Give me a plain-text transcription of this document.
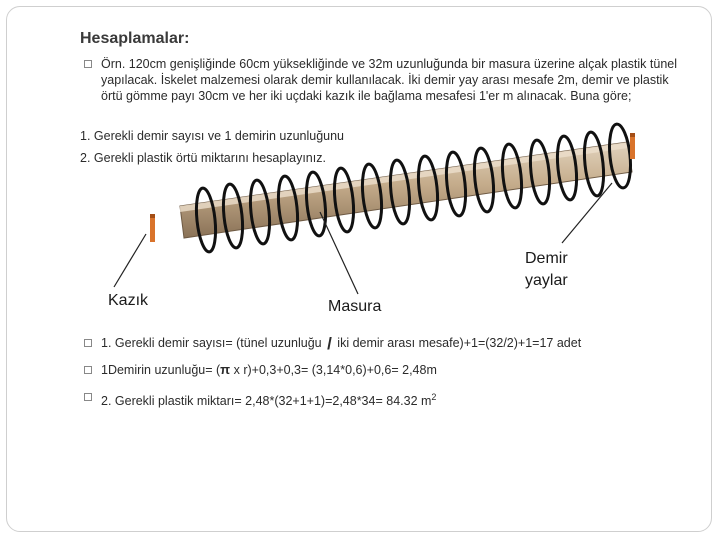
Hesaplamalar:
Örn. 120cm genişliğinde 60cm yüksekliğinde ve 32m uzunluğunda bir masura üzerine alçak plastik tünel yapılacak. İskelet malzemesi olarak demir kullanılacak. İki demir yay arası mesafe 2m, demir ve plastik örtü gömme payı 30cm ve her iki uçdaki kazık ile bağlama mesafesi 1'er m alınacak. Buna göre;
1. Gerekli demir sayısı ve 1 demirin uzunluğunu
2. Gerekli plastik örtü miktarını hesaplayınız.
Kazık	Masura
Demir yaylar
1. Gerekli demir sayısı= (tünel uzunluğu / iki demir arası mesafe)+1=(32/2)+1=17 adet
1Demirin uzunluğu= (π x r)+0,3+0,3= (3,14*0,6)+0,6= 2,48m
2. Gerekli plastik miktarı= 2,48*(32+1+1)=2,48*34= 84.32 $m^2$
